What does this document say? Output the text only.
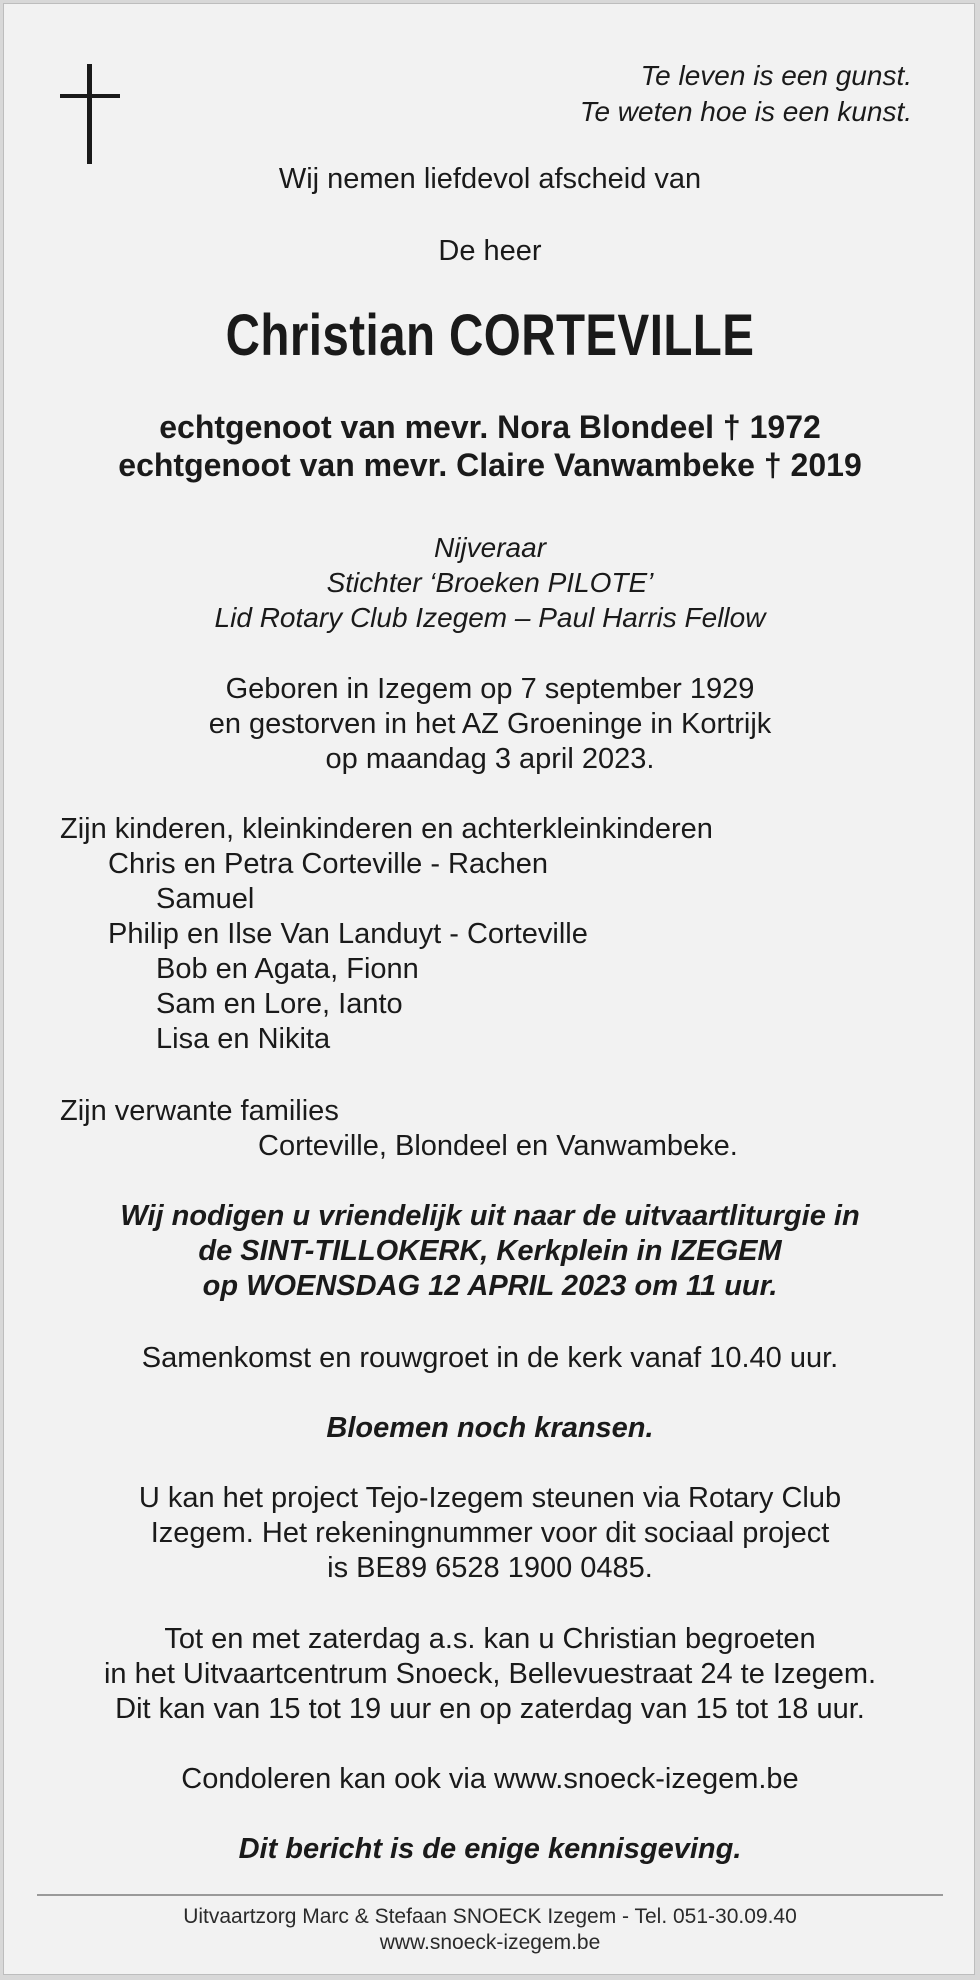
Te leven is een gunst.
Te weten hoe is een kunst.
Wij nemen liefdevol afscheid van
De heer
Christian CORTEVILLE
echtgenoot van mevr. Nora Blondeel † 1972
echtgenoot van mevr. Claire Vanwambeke † 2019
Nijveraar
Stichter ‘Broeken PILOTE’
Lid Rotary Club Izegem – Paul Harris Fellow
Geboren in Izegem op 7 september 1929
en gestorven in het AZ Groeninge in Kortrijk
op maandag 3 april 2023.
Zijn kinderen, kleinkinderen en achterkleinkinderen
Chris en Petra Corteville - Rachen
Samuel
Philip en Ilse Van Landuyt - Corteville
Bob en Agata, Fionn
Sam en Lore, Ianto
Lisa en Nikita
Zijn verwante families
Corteville, Blondeel en Vanwambeke.
Wij nodigen u vriendelijk uit naar de uitvaartliturgie in
de SINT-TILLOKERK, Kerkplein in IZEGEM
op WOENSDAG 12 APRIL 2023 om 11 uur.
Samenkomst en rouwgroet in de kerk vanaf 10.40 uur.
Bloemen noch kransen.
U kan het project Tejo-Izegem steunen via Rotary Club
Izegem. Het rekeningnummer voor dit sociaal project
is BE89 6528 1900 0485.
Tot en met zaterdag a.s. kan u Christian begroeten
in het Uitvaartcentrum Snoeck, Bellevuestraat 24 te Izegem.
Dit kan van 15 tot 19 uur en op zaterdag van 15 tot 18 uur.
Condoleren kan ook via www.snoeck-izegem.be
Dit bericht is de enige kennisgeving.
Uitvaartzorg Marc & Stefaan SNOECK Izegem - Tel. 051-30.09.40
www.snoeck-izegem.be
